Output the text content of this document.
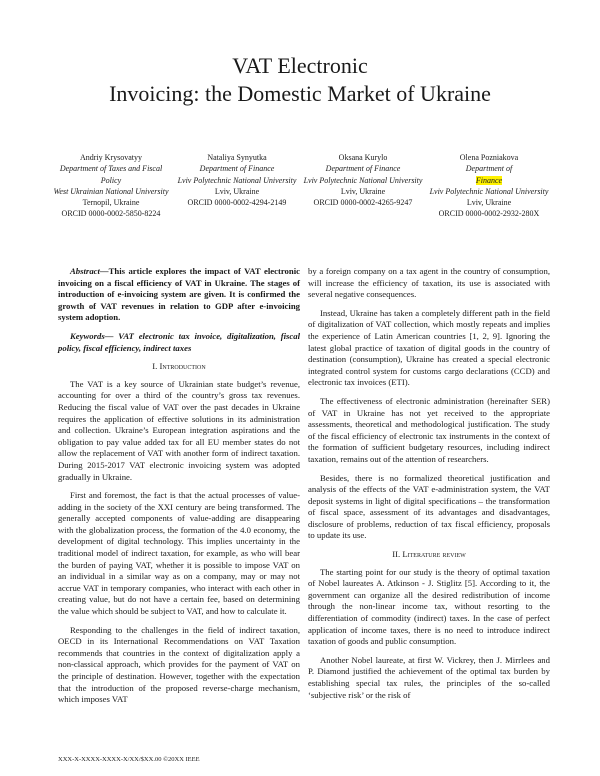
VAT Electronic
Invoicing: the Domestic Market of Ukraine
Andriy Krysovatyy
Department of Taxes and Fiscal Policy
West Ukrainian National University
Ternopil, Ukraine
ORCID 0000-0002-5850-8224
Nataliya Synyutka
Department of Finance
Lviv Polytechnic National University
Lviv, Ukraine
ORCID 0000-0002-4294-2149
Oksana Kurylo
Department of Finance
Lviv Polytechnic National University
Lviv, Ukraine
ORCID 0000-0002-4265-9247
Olena Pozniakova
Department of
Finance
Lviv Polytechnic National University
Lviv, Ukraine
ORCID 0000-0002-2932-280X

Abstract—This article explores the impact of VAT electronic invoicing on a fiscal efficiency of VAT in Ukraine. The stages of introduction of e-invoicing system are given. It is confirmed the growth of VAT revenues in relation to GDP after e-invoicing system adoption.

Keywords— VAT electronic tax invoice, digitalization, fiscal policy, fiscal efficiency, indirect taxes

I. Introduction

The VAT is a key source of Ukrainian state budget’s revenue, accounting for over a third of the country’s gross tax revenues. Reducing the fiscal value of VAT over the past decades in Ukraine requires the application of effective solutions in its administration and collection. Ukraine’s European integration aspirations and the obligation to pay value added tax for all EU member states do not allow the replacement of VAT with another form of indirect taxation. During 2015-2017 VAT electronic invoicing system was adopted gradually in Ukraine.

First and foremost, the fact is that the actual processes of value-adding in the society of the XXI century are being transformed. The generally accepted components of value-adding are disappearing with the globalization process, the formation of the 4.0 economy, the development of digital technology. This implies uncertainty in the traditional model of indirect taxation, for example, as who will bear the burden of paying VAT, whether it is possible to impose VAT on an individual in a similar way as on a company, may or may not accrue VAT in temporary companies, who interact with each other in creating value, but do not have a certain fee, based on determining the value which should be subject to VAT, and how to calculate it.

Responding to the challenges in the field of indirect taxation, OECD in its International Recommendations on VAT Taxation recommends that countries in the context of digitalization apply a non-classical approach, which provides for the payment of VAT on the principle of destination. However, together with the expectation that the introduction of the proposed reverse-charge mechanism, which imposes VAT

by a foreign company on a tax agent in the country of consumption, will increase the efficiency of taxation, its use is associated with several negative consequences.

Instead, Ukraine has taken a completely different path in the field of digitalization of VAT collection, which mostly repeats and implies the experience of Latin American countries [1, 2, 9]. Ignoring the latest global practice of taxation of digital goods in the country of destination (consumption), Ukraine has created a special electronic integrated control system for customs cargo declarations (CCD) and electronic tax invoices (ETI).

The effectiveness of electronic administration (hereinafter SER) of VAT in Ukraine has not yet received to the appropriate assessments, theoretical and methodological justification. The study of the fiscal efficiency of electronic tax instruments in the context of the formation of sufficient budgetary resources, including indirect taxation, remains out of the attention of researchers.

Besides, there is no formalized theoretical justification and analysis of the effects of the VAT e-administration system, the VAT deposit systems in light of digital specifications – the transformation of fiscal space, assessment of its advantages and disadvantages, disclosure of problems, reduction of tax fiscal efficiency, proposals to update its use.

II. Literature review

The starting point for our study is the theory of optimal taxation of Nobel laureates A. Atkinson - J. Stiglitz [5]. According to it, the government can organize all the desired redistribution of income through the non-linear income tax, without resorting to the differentiation of commodity (indirect) taxes. In the case of perfect application of income taxes, there is no need to introduce indirect taxation of goods and public consumption.

Another Nobel laureate, at first W. Vickrey, then J. Mirrlees and P. Diamond justified the achievement of the optimal tax burden by establishing special tax rules, the principles of the so-called ‘subjective risk’ or the risk of

XXX-X-XXXX-XXXX-X/XX/$XX.00 ©20XX IEEE
